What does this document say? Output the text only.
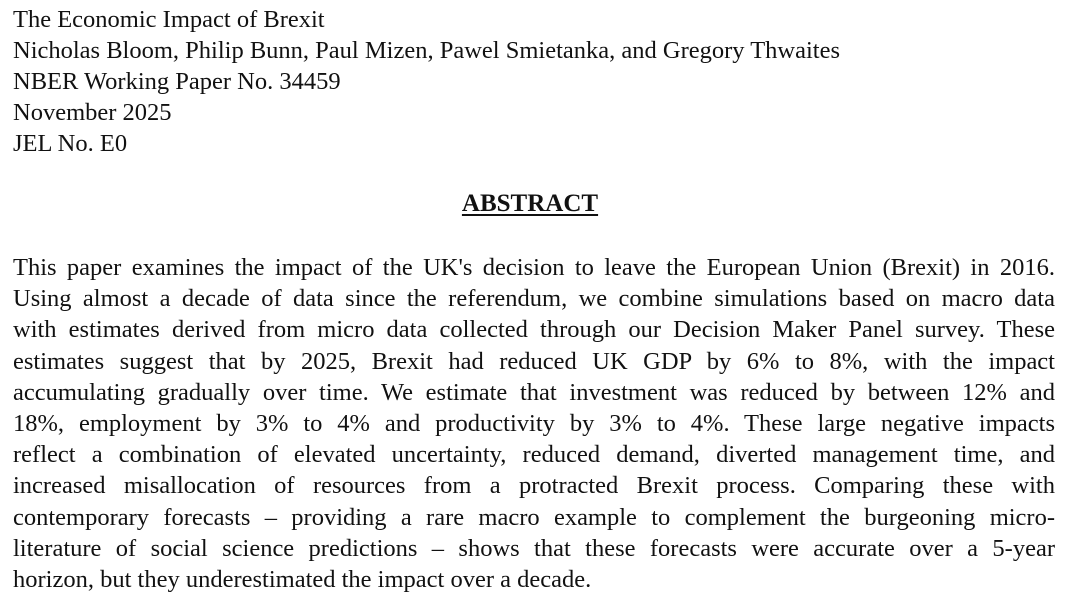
The Economic Impact of Brexit
Nicholas Bloom, Philip Bunn, Paul Mizen, Pawel Smietanka, and Gregory Thwaites
NBER Working Paper No. 34459
November 2025
JEL No. E0
ABSTRACT
This paper examines the impact of the UK's decision to leave the European Union (Brexit) in 2016.
Using almost a decade of data since the referendum, we combine simulations based on macro data
with estimates derived from micro data collected through our Decision Maker Panel survey. These
estimates suggest that by 2025, Brexit had reduced UK GDP by 6% to 8%, with the impact
accumulating gradually over time. We estimate that investment was reduced by between 12% and
18%, employment by 3% to 4% and productivity by 3% to 4%. These large negative impacts
reflect a combination of elevated uncertainty, reduced demand, diverted management time, and
increased misallocation of resources from a protracted Brexit process. Comparing these with
contemporary forecasts – providing a rare macro example to complement the burgeoning micro-
literature of social science predictions – shows that these forecasts were accurate over a 5-year
horizon, but they underestimated the impact over a decade.
